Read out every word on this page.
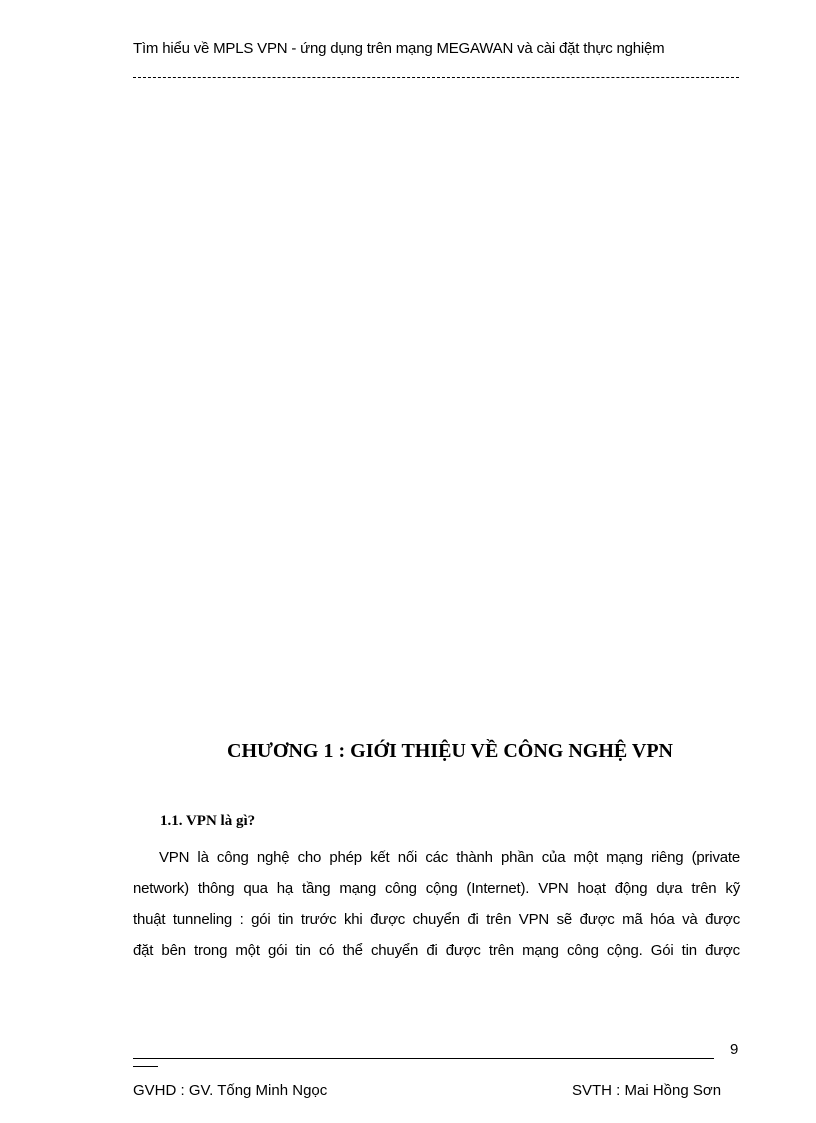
Tìm hiểu về MPLS VPN - ứng dụng trên mạng MEGAWAN và cài đặt thực nghiệm
CHƯƠNG 1 : GIỚI THIỆU VỀ CÔNG NGHỆ VPN
1.1. VPN là gì?
VPN là công nghệ cho phép kết nối các thành phần của một mạng riêng (private
network) thông qua hạ tầng mạng công cộng (Internet). VPN hoạt động dựa trên kỹ
thuật tunneling : gói tin trước khi được chuyển đi trên VPN sẽ được mã hóa và được
đặt bên trong một gói tin có thể chuyển đi được trên mạng công cộng. Gói tin được
9
GVHD : GV. Tống Minh Ngọc	SVTH : Mai Hồng Sơn
